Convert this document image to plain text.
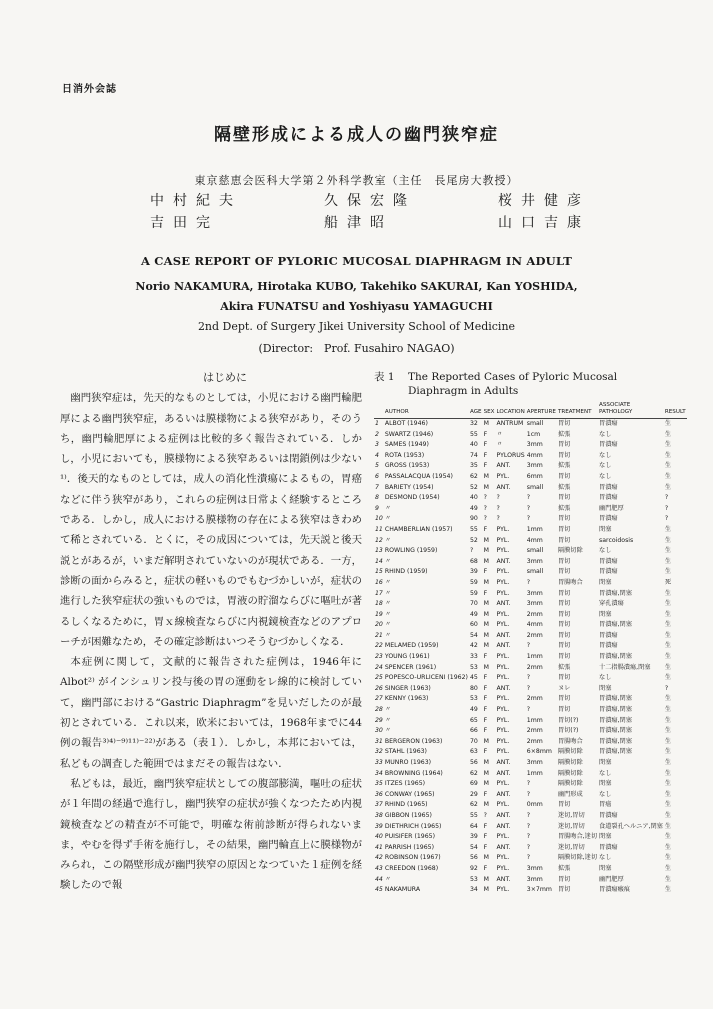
日消外会誌
隔壁形成による成人の幽門狭窄症
東京慈恵会医科大学第２外科学教室（主任　長尾房大教授）
中村紀夫	久保宏隆	桜井健彦
吉田完	船津昭	山口吉康
A CASE REPORT OF PYLORIC MUCOSAL DIAPHRAGM IN ADULT
Norio NAKAMURA, Hirotaka KUBO, Takehiko SAKURAI, Kan YOSHIDA,
Akira FUNATSU and Yoshiyasu YAMAGUCHI
2nd Dept. of Surgery Jikei University School of Medicine
(Director:　Prof. Fusahiro NAGAO)
はじめに

幽門狭窄症は，先天的なものとしては，小児における幽門輪肥厚による幽門狭窄症，あるいは膜様物による狭窄があり，そのうち，幽門輪肥厚による症例は比較的多く報告されている．しかし，小児においても，膜様物による狭窄あるいは閉鎖例は少ない¹⁾．後天的なものとしては，成人の消化性潰瘍によるもの，胃癌などに伴う狭窄があり，これらの症例は日常よく経験するところである．しかし，成人における膜様物の存在による狭窄はきわめて稀とされている．とくに，その成因については，先天説と後天説とがあるが，いまだ解明されていないのが現状である．一方，診断の面からみると，症状の軽いものでもむづかしいが，症状の進行した狭窄症状の強いものでは，胃液の貯溜ならびに嘔吐が著るしくなるために，胃ｘ線検査ならびに内視鏡検査などのアプローチが困難なため，その確定診断はいつそうむづかしくなる．

本症例に関して，文献的に報告された症例は，1946年に Albot²⁾ がインシュリン投与後の胃の運動をレ線的に検討していて，幽門部における“Gastric Diaphragm”を見いだしたのが最初とされている．これ以来，欧米においては，1968年までに44例の報告³⁾⁴⁾⁻⁹⁾¹¹⁾⁻²²⁾がある（表１）．しかし，本邦においては，私どもの調査した範囲ではまだその報告はない．

私どもは，最近，幽門狭窄症状としての腹部膨満，嘔吐の症状が１年間の経過で進行し，幽門狭窄の症状が強くなつたため内視鏡検査などの精査が不可能で，明確な術前診断が得られないまま，やむを得ず手術を施行し，その結果，幽門輪直上に膜様物がみられ，この隔壁形成が幽門狭窄の原因となつていた１症例を経験したので報

表 1	The Reported Cases of Pyloric Mucosal Diaphragm in Adults
	AUTHOR	AGE	SEX	LOCATION	APERTURE	TREATMENT	ASSOCIATE PATHOLOGY	RESULT
1	ALBOT (1946)	32	M	ANTRUM	small	胃切	胃潰瘍	生
2	SWARTZ (1946)	55	F	〃	1cm	拡張	なし	生
3	SAMES (1949)	40	F	〃	3mm	胃切	胃潰瘍	生
4	ROTA (1953)	74	F	PYLORUS	4mm	胃切	なし	生
5	GROSS (1953)	35	F	ANT.	3mm	拡張	なし	生
6	PASSALACQUA (1954)	62	M	PYL.	6mm	胃切	なし	生
7	BARIETY (1954)	52	M	ANT.	small	拡張	胃潰瘍	生
8	DESMOND (1954)	40	?	?	?	胃切	胃潰瘍	?
9	〃	49	?	?	?	拡張	幽門肥厚	?
10	〃	90	?	?	?	胃切	胃潰瘍	?
11	CHAMBERLIAN (1957)	55	F	PYL.	1mm	胃切	閉塞	生
12	〃	52	M	PYL.	4mm	胃切	sarcoidosis	生
13	ROWLING (1959)	?	M	PYL.	small	隔膜切除	なし	生
14	〃	68	M	ANT.	3mm	胃切	胃潰瘍	生
15	RHIND (1959)	39	F	PYL.	small	胃切	胃潰瘍	生
16	〃	59	M	PYL.	?	胃腸吻合	閉塞	死
17	〃	59	F	PYL.	3mm	胃切	胃潰瘍,閉塞	生
18	〃	70	M	ANT.	3mm	胃切	穿孔潰瘍	生
19	〃	49	M	PYL.	2mm	胃切	閉塞	生
20	〃	60	M	PYL.	4mm	胃切	胃潰瘍,閉塞	生
21	〃	54	M	ANT.	2mm	胃切	胃潰瘍	生
22	MELAMED (1959)	42	M	ANT.	?	胃切	胃潰瘍	生
23	YOUNG (1961)	33	F	PYL.	1mm	胃切	胃潰瘍,閉塞	生
24	SPENCER (1961)	53	M	PYL.	2mm	拡張	十二指腸潰瘍,閉塞	生
25	POPESCO-URLICENI (1962)	45	F	PYL.	?	胃切	なし	生
26	SINGER (1963)	80	F	ANT.	?	ヌレ	閉塞	?
27	KENNY (1963)	53	F	PYL.	2mm	胃切	胃潰瘍,閉塞	生
28	〃	49	F	PYL.	?	胃切	胃潰瘍,閉塞	生
29	〃	65	F	PYL.	1mm	胃切(?)	胃潰瘍,閉塞	生
30	〃	66	F	PYL.	2mm	胃切(?)	胃潰瘍,閉塞	生
31	BERGERON (1963)	70	M	PYL.	2mm	胃腸吻合	胃潰瘍,閉塞	生
32	STAHL (1963)	63	F	PYL.	6×8mm	隔膜切除	胃潰瘍,閉塞	生
33	MUNRO (1963)	56	M	ANT.	3mm	隔膜切除	閉塞	生
34	BROWNING (1964)	62	M	ANT.	1mm	隔膜切除	なし	生
35	ITZES (1965)	69	M	PYL.	?	隔膜切除	閉塞	生
36	CONWAY (1965)	29	F	ANT.	?	幽門形成	なし	生
37	RHIND (1965)	62	M	PYL.	0mm	胃切	胃癌	生
38	GIBBON (1965)	55	?	ANT.	?	迷切,胃切	胃潰瘍	生
39	DIETHRICH (1965)	64	F	ANT.	?	迷切,胃切	食道裂孔ヘルニア,閉塞	生
40	PUISIFER (1965)	39	F	PYL.	?	胃腸吻合,迷切	閉塞	生
41	PARRISH (1965)	54	F	ANT.	?	迷切,胃切	胃潰瘍	生
42	ROBINSON (1967)	56	M	PYL.	?	隔膜切除,迷切	なし	生
43	CREEDON (1968)	92	F	PYL.	3mm	拡張	閉塞	生
44	〃	53	M	ANT.	3mm	胃切	幽門肥厚	生
45	NAKAMURA	34	M	PYL.	3×7mm	胃切	胃潰瘍瘢痕	生
